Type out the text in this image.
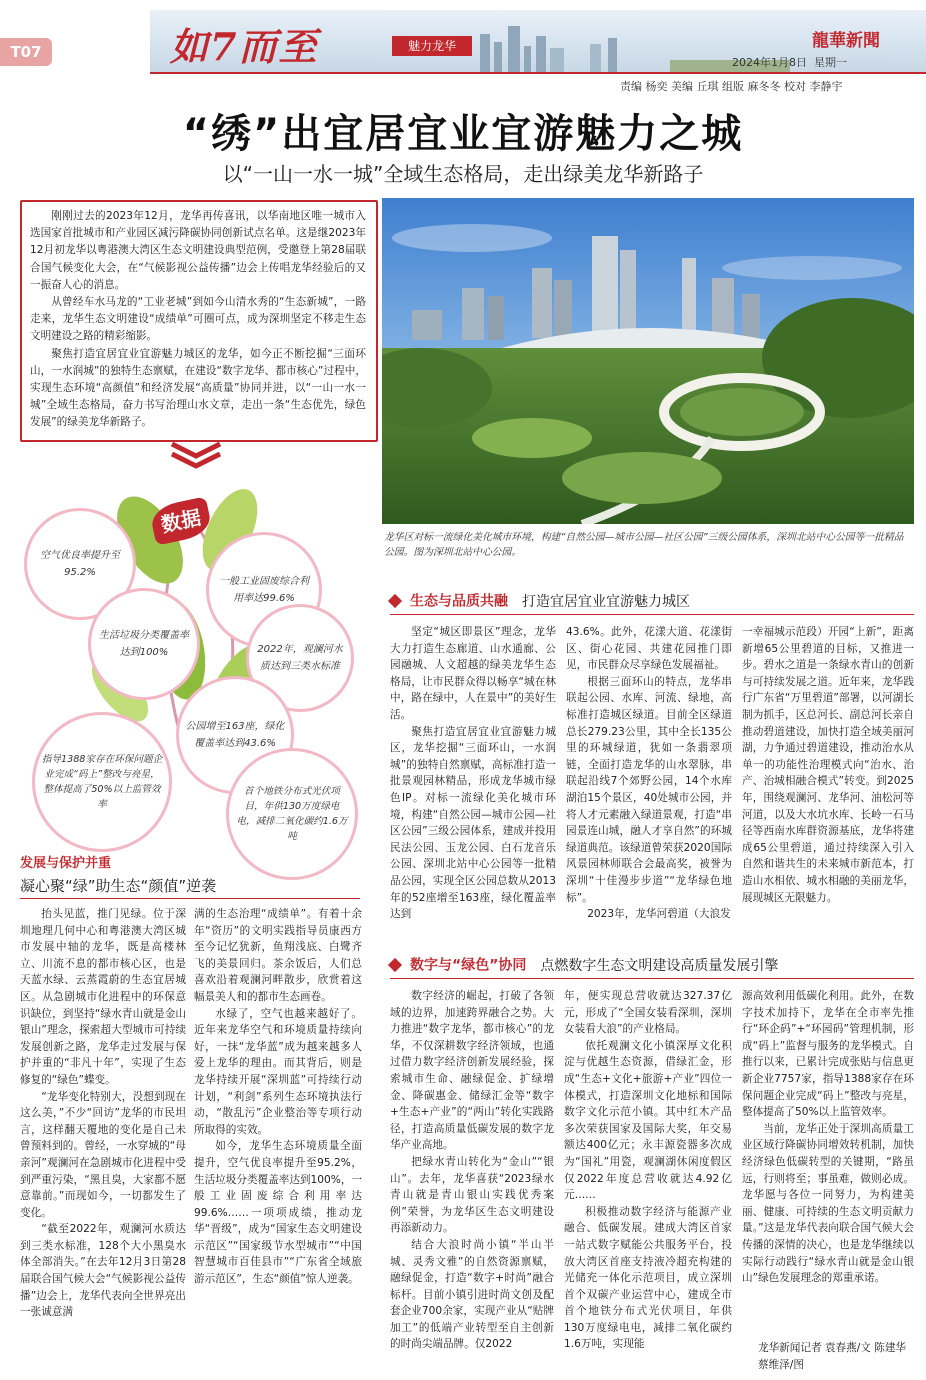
T07	如7而至	魅力龙华	龍華新聞
2024年1月8日 星期一
责编 杨奕 美编 丘琪 组版 麻冬冬 校对 李静宇
“绣”出宜居宜业宜游魅力之城
以“一山一水一城”全域生态格局，走出绿美龙华新路子

刚刚过去的2023年12月，龙华再传喜讯，以华南地区唯一城市入选国家首批城市和产业园区减污降碳协同创新试点名单。这是继2023年12月初龙华以粤港澳大湾区生态文明建设典型范例，受邀登上第28届联合国气候变化大会，在“气候影视公益传播”边会上传唱龙华经验后的又一振奋人心的消息。

从曾经车水马龙的“工业老城”到如今山清水秀的“生态新城”，一路走来，龙华生态文明建设“成绩单”可圈可点，成为深圳坚定不移走生态文明建设之路的精彩缩影。

聚焦打造宜居宜业宜游魅力城区的龙华，如今正不断挖掘“三面环山，一水润城”的独特生态禀赋，在建设“数字龙华、都市核心”过程中，实现生态环境“高颜值”和经济发展“高质量”协同并进，以“一山一水一城”全域生态格局，奋力书写治理山水文章，走出一条“生态优先，绿色发展”的绿美龙华新路子。

龙华区对标一流绿化美化城市环境，构建“自然公园—城市公园—社区公园”三级公园体系，深圳北站中心公园等一批精品公园。图为深圳北站中心公园。
数据
空气优良率提升至95.2%
一般工业固废综合利用率达99.6%
生活垃圾分类覆盖率达到100%	2022年，观澜河水质达到三类水标准
公园增至163座，绿化覆盖率达到43.6%
指导1388家存在环保问题企业完成“码上”整改与亮星，整体提高了50%以上监管效率
首个地铁分布式光伏项目，年供130万度绿电电，减排二氧化碳约1.6万吨
发展与保护并重
凝心聚“绿”助生态“颜值”逆袭

抬头见蓝，推门见绿。位于深圳地理几何中心和粤港澳大湾区城市发展中轴的龙华，既是高楼林立、川流不息的都市核心区，也是天蓝水绿、云蒸霞蔚的生态宜居城区。从急剧城市化进程中的环保意识缺位，到坚持“绿水青山就是金山银山”理念，探索超大型城市可持续发展创新之路，龙华走过发展与保护并重的“非凡十年”，实现了生态修复的“绿色”蝶变。

“龙华变化特别大，没想到现在这么美，”不少“回访”龙华的市民坦言，这样翻天覆地的变化是自己未曾预料到的。曾经，一水穿城的“母亲河”观澜河在急剧城市化进程中受到严重污染，“黑且臭，大家都不愿意靠前。”而现如今，一切都发生了变化。

“截至2022年，观澜河水质达到三类水标准，128个大小黑臭水体全部消失。”在去年12月3日第28届联合国气候大会“气候影视公益传播”边会上，龙华代表向全世界亮出一张诚意满

满的生态治理“成绩单”。有着十余年“资历”的文明实践指导员康西方至今记忆犹新，鱼翔浅底、白鹭齐飞的美景回归。茶余饭后，人们总喜欢沿着观澜河畔散步，欣赏着这幅景美人和的都市生态画卷。

水绿了，空气也越来越好了。近年来龙华空气和环境质量持续向好，一抹“龙华蓝”成为越来越多人爱上龙华的理由。而其背后，则是龙华持续开展“深圳蓝”可持续行动计划，“利剑”系列生态环境执法行动，“散乱污”企业整治等专项行动所取得的实效。

如今，龙华生态环境质量全面提升，空气优良率提升至95.2%，生活垃圾分类覆盖率达到100%，一般工业固废综合利用率达99.6%……一项项成绩，推动龙华“晋级”，成为“国家生态文明建设示范区”“国家级节水型城市”“中国智慧城市百佳县市”“广东省全域旅游示范区”，生态“颜值”惊人逆袭。

生态与品质共融 打造宜居宜业宜游魅力城区

坚定“城区即景区”理念，龙华大力打造生态廊道、山水通廊、公园融城、人文超越的绿美龙华生态格局，让市民群众得以畅享“城在林中，路在绿中，人在景中”的美好生活。

聚焦打造宜居宜业宜游魅力城区，龙华挖掘“三面环山，一水润城”的独特自然禀赋，高标准打造一批景观园林精品，形成龙华城市绿色IP。对标一流绿化美化城市环境，构建“自然公园—城市公园—社区公园”三级公园体系，建成并投用民法公园、玉龙公园、白石龙音乐公园、深圳北站中心公园等一批精品公园，实现全区公园总数从2013年的52座增至163座，绿化覆盖率达到

43.6%。此外，花漾大道、花漾街区、街心花园、共建花园推门即见，市民群众尽享绿色发展福祉。

根据三面环山的特点，龙华串联起公园、水库、河流、绿地，高标准打造城区绿道。目前全区绿道总长279.23公里，其中全长135公里的环城绿道，犹如一条翡翠项链，全面打造龙华的山水翠脉，串联起沿线7个郊野公园，14个水库湖泊15个景区，40处城市公园，并将人才元素融入绿道景观，打造“串园景连山城，融人才享自然”的环城绿道典范。该绿道曾荣获2020国际风景园林师联合会最高奖，被誉为深圳“十佳漫步步道”“龙华绿色地标”。

2023年，龙华河碧道（大浪发

一幸福城示范段）开园“上新”，距离新增65公里碧道的目标，又推进一步。碧水之道是一条绿水青山的创新与可持续发展之道。近年来，龙华践行广东省“万里碧道”部署，以河湖长制为抓手，区总河长、副总河长亲自推动碧道建设，加快打造全域美丽河湖，力争通过碧道建设，推动治水从单一的功能性治理模式向“治水、治产、治城相融合模式”转变。到2025年，围绕观澜河、龙华河、油松河等河道，以及大水坑水库、长岭一石马径等西南水库群资源基底，龙华将建成65公里碧道，通过持续深入引入自然和谐共生的未来城市新范本，打造山水相依、城水相融的美丽龙华，展现城区无限魅力。

数字与“绿色”协同 点燃数字生态文明建设高质量发展引擎

数字经济的崛起，打破了各领域的边界，加速跨界融合之势。大力推进“数字龙华，都市核心”的龙华，不仅深耕数字经济领域，也通过借力数字经济创新发展经验，探索城市生命、融绿促金、扩绿增金、降碳惠金、储绿汇金等“数字+生态+产业”的“两山”转化实践路径，打造高质量低碳发展的数字龙华产业高地。

把绿水青山转化为“金山”“银山”。去年，龙华喜获“2023绿水青山就是青山银山实践优秀案例”荣誉，为龙华区生态文明建设再添新动力。

结合大浪时尚小镇“半山半城、灵秀文雅”的自然资源禀赋，融绿促金，打造“数字+时尚”融合标杆。目前小镇引进时尚文创及配套企业700余家，实现产业从“贴牌加工”的低端产业转型至自主创新的时尚尖端品牌。仅2022

年，便实现总营收就达327.37亿元，形成了“全国女装看深圳，深圳女装看大浪”的产业格局。

依托观澜文化小镇深厚文化积淀与优越生态资源，借绿汇金，形成“生态+文化+旅游+产业”四位一体模式，打造深圳文化地标和国际数字文化示范小镇。其中红木产品多次荣获国家及国际大奖，年交易额达400亿元；永丰源瓷器多次成为“国礼”用瓷，观澜湖休闲度假区仅2022年度总营收就达4.92亿元……

积极推动数字经济与能源产业融合、低碳发展。建成大湾区首家一站式数字赋能公共服务平台，投放大湾区首座支持液冷超充构建的光储充一体化示范项目，成立深圳首个双碳产业运营中心，建成全市首个地铁分布式光伏项目，年供130万度绿电电，减排二氧化碳约1.6万吨，实现能

源高效利用低碳化利用。此外，在数字技术加持下，龙华在全市率先推行“环企码”+“环园码”管理机制，形成“码上”监督与服务的龙华模式。自推行以来，已累计完成张贴与信息更新企业7757家，指导1388家存在环保问题企业完成“码上”整改与亮星，整体提高了50%以上监管效率。

当前，龙华正处于深圳高质量工业区域行降碳协同增效转机制，加快经济绿色低碳转型的关键期，“路虽远，行则将至；事虽难，做则必成。龙华愿与各位一同努力，为构建美丽、健康、可持续的生态文明贡献力量。”这是龙华代表向联合国气候大会传播的深情的决心，也是龙华继续以实际行动践行“绿水青山就是金山银山”绿色发展理念的郑重承诺。

龙华新闻记者 袁春燕/文 陈建华 蔡维泽/图
